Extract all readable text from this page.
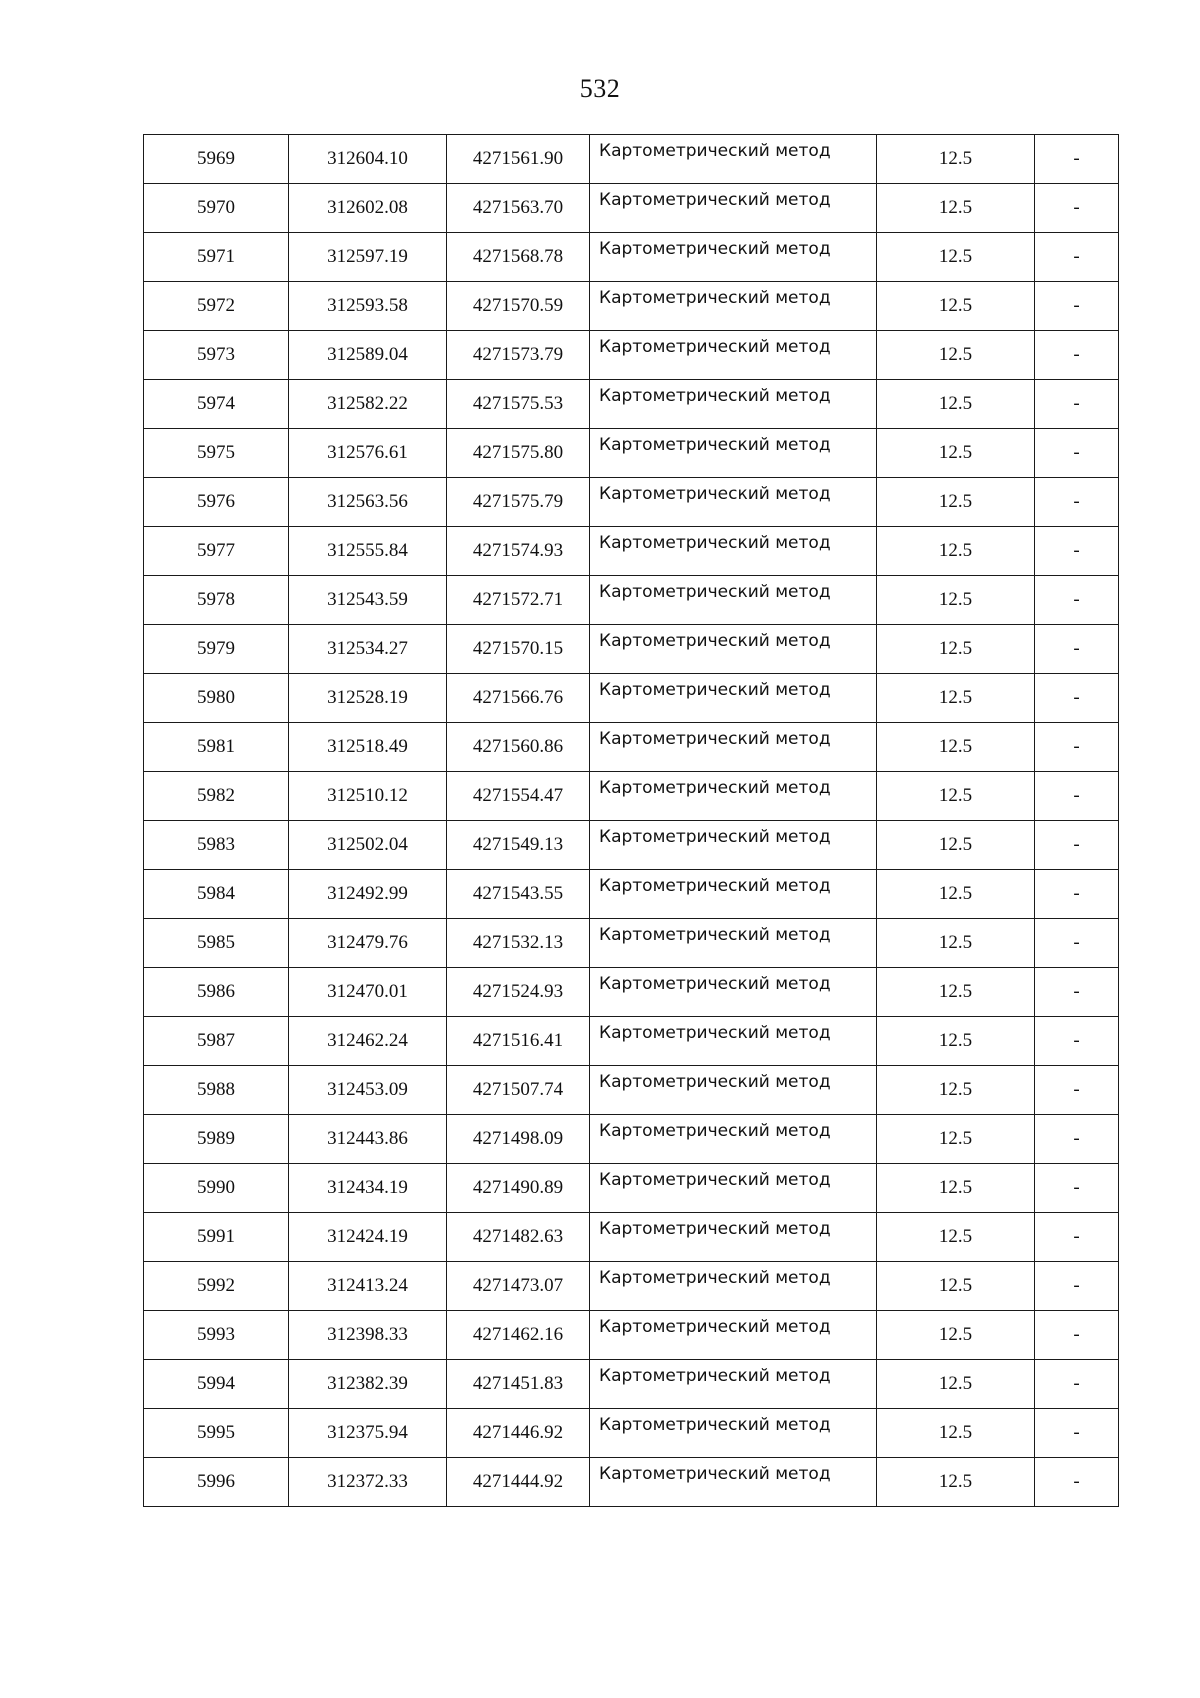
532
5969	312604.10	4271561.90	Картометрический метод	12.5	-
5970	312602.08	4271563.70	Картометрический метод	12.5	-
5971	312597.19	4271568.78	Картометрический метод	12.5	-
5972	312593.58	4271570.59	Картометрический метод	12.5	-
5973	312589.04	4271573.79	Картометрический метод	12.5	-
5974	312582.22	4271575.53	Картометрический метод	12.5	-
5975	312576.61	4271575.80	Картометрический метод	12.5	-
5976	312563.56	4271575.79	Картометрический метод	12.5	-
5977	312555.84	4271574.93	Картометрический метод	12.5	-
5978	312543.59	4271572.71	Картометрический метод	12.5	-
5979	312534.27	4271570.15	Картометрический метод	12.5	-
5980	312528.19	4271566.76	Картометрический метод	12.5	-
5981	312518.49	4271560.86	Картометрический метод	12.5	-
5982	312510.12	4271554.47	Картометрический метод	12.5	-
5983	312502.04	4271549.13	Картометрический метод	12.5	-
5984	312492.99	4271543.55	Картометрический метод	12.5	-
5985	312479.76	4271532.13	Картометрический метод	12.5	-
5986	312470.01	4271524.93	Картометрический метод	12.5	-
5987	312462.24	4271516.41	Картометрический метод	12.5	-
5988	312453.09	4271507.74	Картометрический метод	12.5	-
5989	312443.86	4271498.09	Картометрический метод	12.5	-
5990	312434.19	4271490.89	Картометрический метод	12.5	-
5991	312424.19	4271482.63	Картометрический метод	12.5	-
5992	312413.24	4271473.07	Картометрический метод	12.5	-
5993	312398.33	4271462.16	Картометрический метод	12.5	-
5994	312382.39	4271451.83	Картометрический метод	12.5	-
5995	312375.94	4271446.92	Картометрический метод	12.5	-
5996	312372.33	4271444.92	Картометрический метод	12.5	-
